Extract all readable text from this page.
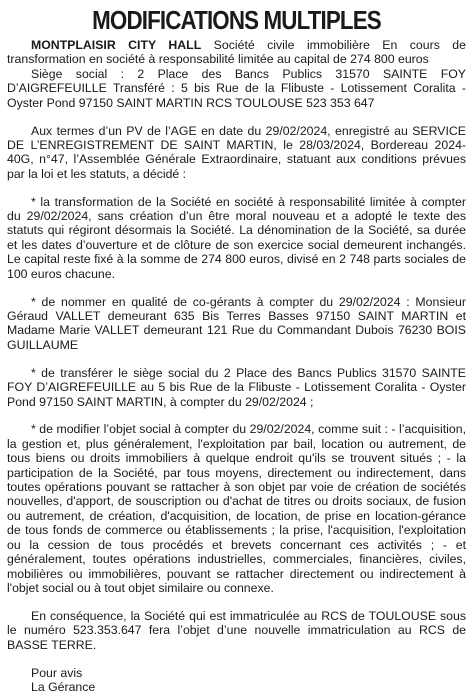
MODIFICATIONS MULTIPLES

MONTPLAISIR CITY HALL Société civile immobilière En cours de transformation en société à responsabilité limitée au capital de 274 800 euros

Siège social : 2 Place des Bancs Publics 31570 SAINTE FOY D’AIGREFEUILLE Transféré : 5 bis Rue de la Flibuste - Lotissement Coralita - Oyster Pond 97150 SAINT MARTIN RCS TOULOUSE 523 353 647

Aux termes d’un PV de l’AGE en date du 29/02/2024, enregistré au SERVICE DE L’ENREGISTREMENT DE SAINT MARTIN, le 28/03/2024, Bordereau 2024-40G, n°47, l’Assemblée Générale Extraordinaire, statuant aux conditions prévues par la loi et les statuts, a décidé :

* la transformation de la Société en société à responsabilité limitée à compter du 29/02/2024, sans création d’un être moral nouveau et a adopté le texte des statuts qui régiront désormais la Société. La dénomination de la Société, sa durée et les dates d’ouverture et de clôture de son exercice social demeurent inchangés. Le capital reste fixé à la somme de 274 800 euros, divisé en 2 748 parts sociales de 100 euros chacune.

* de nommer en qualité de co-gérants à compter du 29/02/2024 : Monsieur Géraud VALLET demeurant 635 Bis Terres Basses 97150 SAINT MARTIN et Madame Marie VALLET demeurant 121 Rue du Commandant Dubois 76230 BOIS GUILLAUME

* de transférer le siège social du 2 Place des Bancs Publics 31570 SAINTE FOY D’AIGREFEUILLE au 5 bis Rue de la Flibuste - Lotissement Coralita - Oyster Pond 97150 SAINT MARTIN, à compter du 29/02/2024 ;

* de modifier l’objet social à compter du 29/02/2024, comme suit : - l’acquisition, la gestion et, plus généralement, l'exploitation par bail, location ou autrement, de tous biens ou droits immobiliers à quelque endroit qu'ils se trouvent situés ; - la participation de la Société, par tous moyens, directement ou indirectement, dans toutes opérations pouvant se rattacher à son objet par voie de création de sociétés nouvelles, d'apport, de souscription ou d'achat de titres ou droits sociaux, de fusion ou autrement, de création, d'acquisition, de location, de prise en location-gérance de tous fonds de commerce ou établissements ; la prise, l'acquisition, l'exploitation ou la cession de tous procédés et brevets concernant ces activités ; - et généralement, toutes opérations industrielles, commerciales, financières, civiles, mobilières ou immobilières, pouvant se rattacher directement ou indirectement à l'objet social ou à tout objet similaire ou connexe.

En conséquence, la Société qui est immatriculée au RCS de TOULOUSE sous le numéro 523.353.647 fera l’objet d’une nouvelle immatriculation au RCS de BASSE TERRE.

Pour avis

La Gérance
